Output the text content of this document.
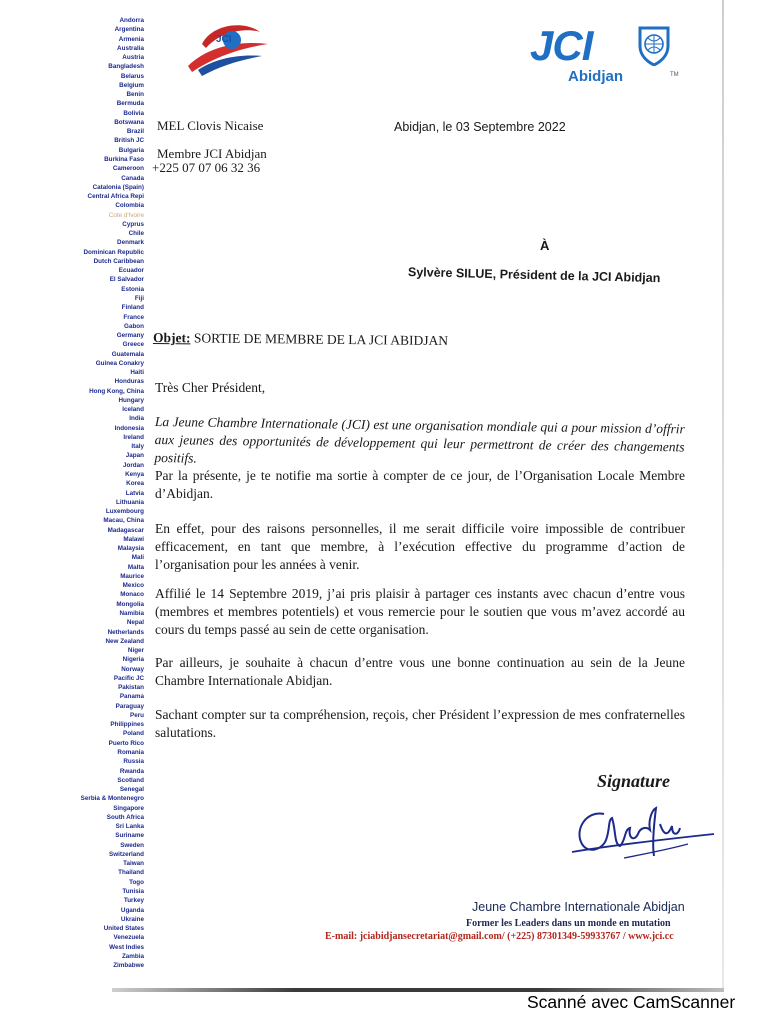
Andorra
Argentina
Armenia
Australia
Austria
Bangladesh
Belarus
Belgium
Benin
Bermuda
Bolivia
Botswana
Brazil
British JC
Bulgaria
Burkina Faso
Cameroon
Canada
Catalonia (Spain)
Central Africa Repi
Colombia
Cote d'Ivoire
Cyprus
Chile
Denmark
Dominican Republic
Dutch Caribbean
Ecuador
El Salvador
Estonia
Fiji
Finland
France
Gabon
Germany
Greece
Guatemala
Guinea Conakry
Haiti
Honduras
Hong Kong, China
Hungary
Iceland
India
Indonesia
Ireland
Italy
Japan
Jordan
Kenya
Korea
Latvia
Lithuania
Luxembourg
Macau, China
Madagascar
Malawi
Malaysia
Mali
Malta
Maurice
Mexico
Monaco
Mongolia
Namibia
Nepal
Netherlands
New Zealand
Niger
Nigeria
Norway
Pacific JC
Pakistan
Panama
Paraguay
Peru
Philippines
Poland
Puerto Rico
Romania
Russia
Rwanda
Scotland
Senegal
Serbia & Montenegro
Singapore
South Africa
Sri Lanka
Suriname
Sweden
Switzerland
Taiwan
Thailand
Togo
Tunisia
Turkey
Uganda
Ukraine
United States
Venezuela
West Indies
Zambia
Zimbabwe
JCI	JCI
Abidjan	TM
MEL Clovis Nicaise
Membre JCI Abidjan
+225 07 07 06 32 36
Abidjan, le 03 Septembre 2022
À
Sylvère SILUE, Président de la JCI Abidjan
Objet: SORTIE DE MEMBRE DE LA JCI ABIDJAN
Très Cher Président,
La Jeune Chambre Internationale (JCI) est une organisation mondiale qui a pour mission d’offrir aux jeunes des opportunités de développement qui leur permettront de créer des changements positifs.
Par la présente, je te notifie ma sortie à compter de ce jour, de l’Organisation Locale Membre d’Abidjan.
En effet, pour des raisons personnelles, il me serait difficile voire impossible de contribuer efficacement, en tant que membre, à l’exécution effective du programme d’action de l’organisation pour les années à venir.
Affilié le 14 Septembre 2019, j’ai pris plaisir à partager ces instants avec chacun d’entre vous (membres et membres potentiels) et vous remercie pour le soutien que vous m’avez accordé au cours du temps passé au sein de cette organisation.
Par ailleurs, je souhaite à chacun d’entre vous une bonne continuation au sein de la Jeune Chambre Internationale Abidjan.
Sachant compter sur ta compréhension, reçois, cher Président l’expression de mes confraternelles salutations.
Signature
Jeune Chambre Internationale Abidjan
Former les Leaders dans un monde en mutation
E-mail: jciabidjansecretariat@gmail.com/ (+225) 87301349-59933767 / www.jci.cc
Scanné avec CamScanner
